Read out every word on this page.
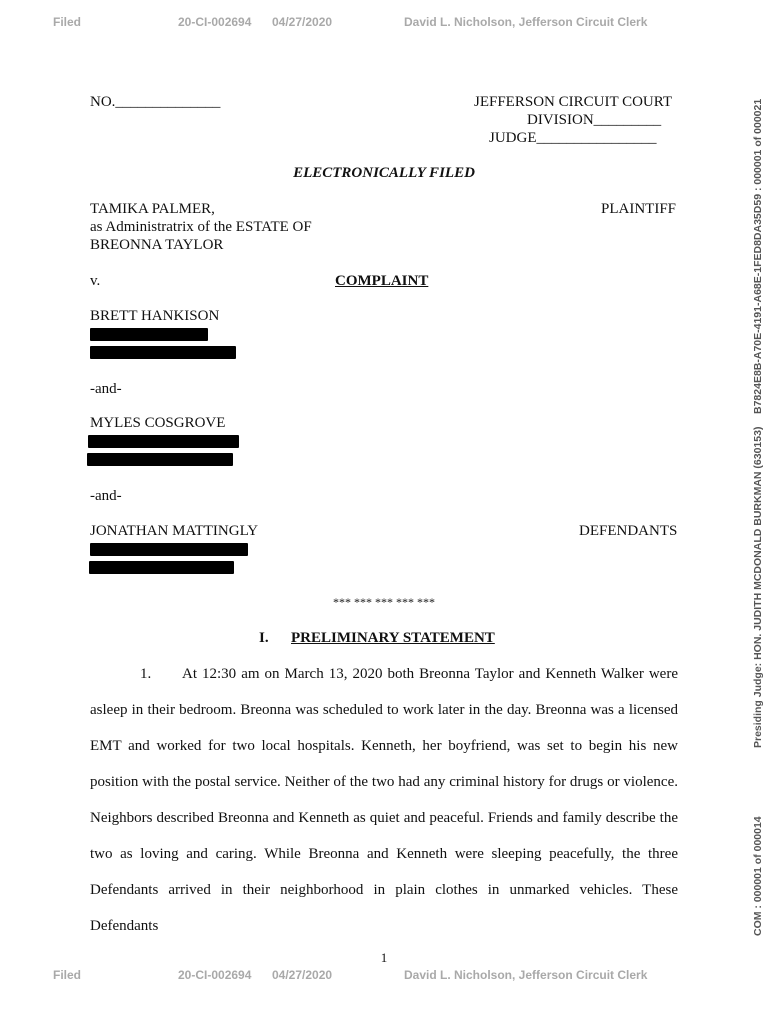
Filed	20-CI-002694 04/27/2020	David L. Nicholson, Jefferson Circuit Clerk
Filed	20-CI-002694 04/27/2020	David L. Nicholson, Jefferson Circuit Clerk
B7824E8B-A70E-4191-A68E-1FED8DA35D59 : 000001 of 000021
Presiding Judge: HON. JUDITH MCDONALD BURKMAN (630153)
COM : 000001 of 000014
NO.______________	JEFFERSON CIRCUIT COURT
DIVISION_________
JUDGE________________
ELECTRONICALLY FILED
TAMIKA PALMER,
as Administratrix of the ESTATE OF
BREONNA TAYLOR
PLAINTIFF
v.	COMPLAINT
BRETT HANKISON
-and-
MYLES COSGROVE
-and-
JONATHAN MATTINGLY	DEFENDANTS
*** *** *** *** ***
I. PRELIMINARY STATEMENT
1. At 12:30 am on March 13, 2020 both Breonna Taylor and Kenneth Walker were asleep in their bedroom. Breonna was scheduled to work later in the day. Breonna was a licensed EMT and worked for two local hospitals. Kenneth, her boyfriend, was set to begin his new position with the postal service. Neither of the two had any criminal history for drugs or violence. Neighbors described Breonna and Kenneth as quiet and peaceful. Friends and family describe the two as loving and caring. While Breonna and Kenneth were sleeping peacefully, the three Defendants arrived in their neighborhood in plain clothes in unmarked vehicles. These Defendants
1
